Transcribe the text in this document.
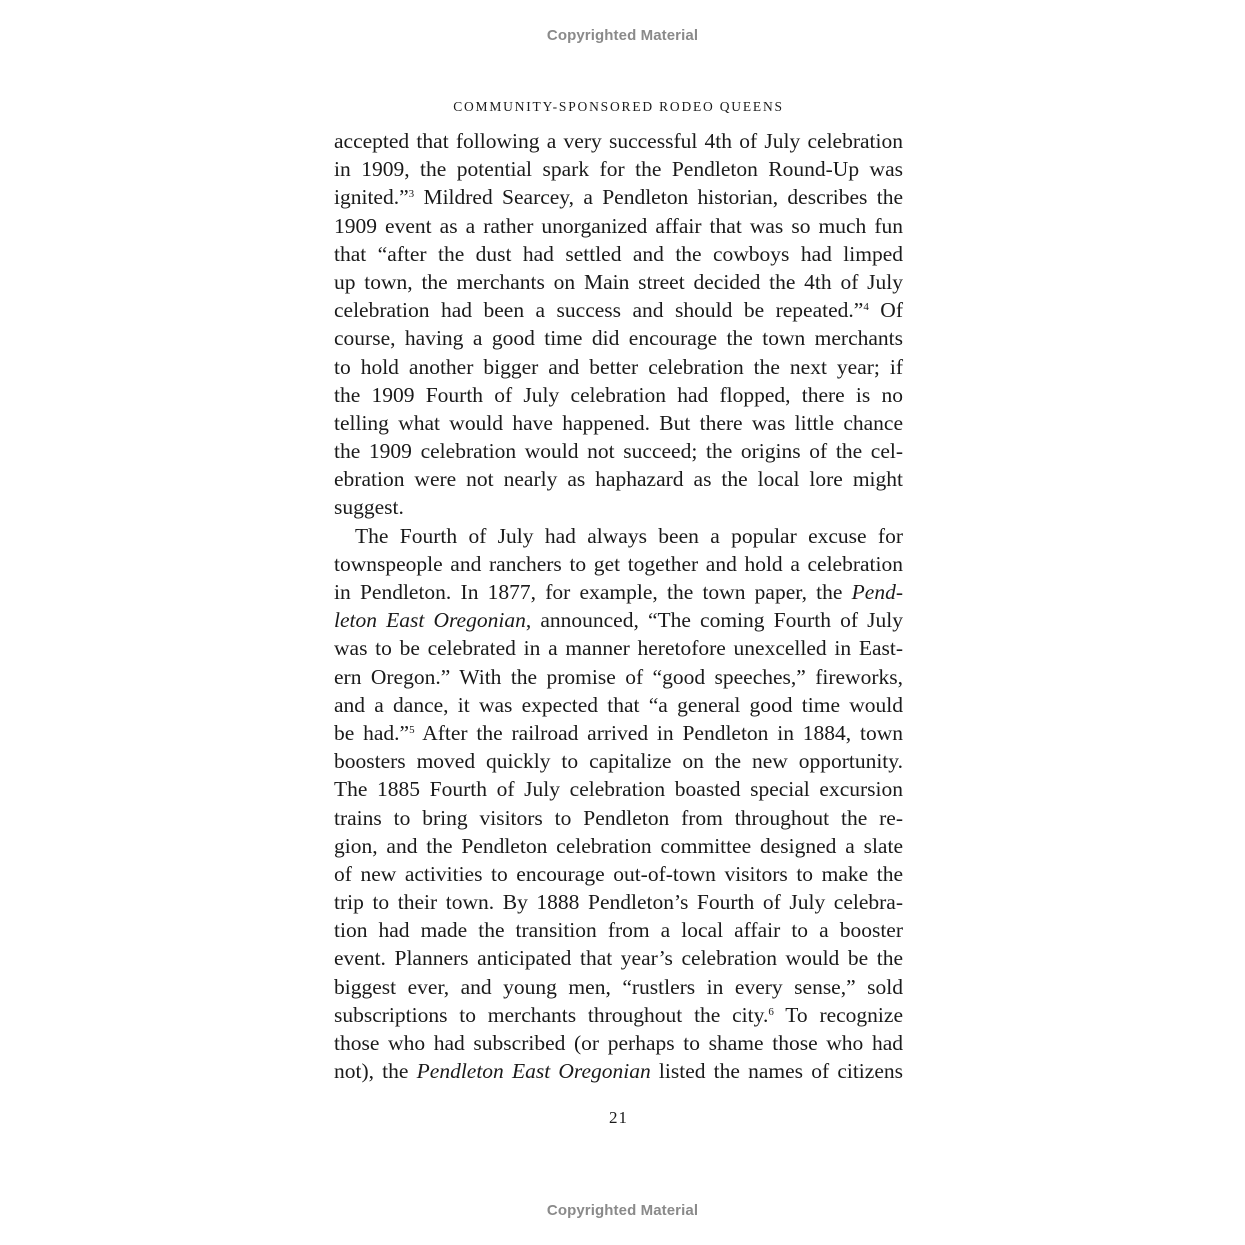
Copyrighted Material
COMMUNITY-SPONSORED RODEO QUEENS
accepted that following a very successful 4th of July celebration
in 1909, the potential spark for the Pendleton Round-Up was
ignited.”$^3$ Mildred Searcey, a Pendleton historian, describes the
1909 event as a rather unorganized affair that was so much fun
that “after the dust had settled and the cowboys had limped
up town, the merchants on Main street decided the 4th of July
celebration had been a success and should be repeated.”$^4$ Of
course, having a good time did encourage the town merchants
to hold another bigger and better celebration the next year; if
the 1909 Fourth of July celebration had flopped, there is no
telling what would have happened. But there was little chance
the 1909 celebration would not succeed; the origins of the cel-
ebration were not nearly as haphazard as the local lore might
suggest.
The Fourth of July had always been a popular excuse for
townspeople and ranchers to get together and hold a celebration
in Pendleton. In 1877, for example, the town paper, the Pend-
leton East Oregonian, announced, “The coming Fourth of July
was to be celebrated in a manner heretofore unexcelled in East-
ern Oregon.” With the promise of “good speeches,” fireworks,
and a dance, it was expected that “a general good time would
be had.”$^5$ After the railroad arrived in Pendleton in 1884, town
boosters moved quickly to capitalize on the new opportunity.
The 1885 Fourth of July celebration boasted special excursion
trains to bring visitors to Pendleton from throughout the re-
gion, and the Pendleton celebration committee designed a slate
of new activities to encourage out-of-town visitors to make the
trip to their town. By 1888 Pendleton’s Fourth of July celebra-
tion had made the transition from a local affair to a booster
event. Planners anticipated that year’s celebration would be the
biggest ever, and young men, “rustlers in every sense,” sold
subscriptions to merchants throughout the city.$^6$ To recognize
those who had subscribed (or perhaps to shame those who had
not), the Pendleton East Oregonian listed the names of citizens
21
Copyrighted Material
